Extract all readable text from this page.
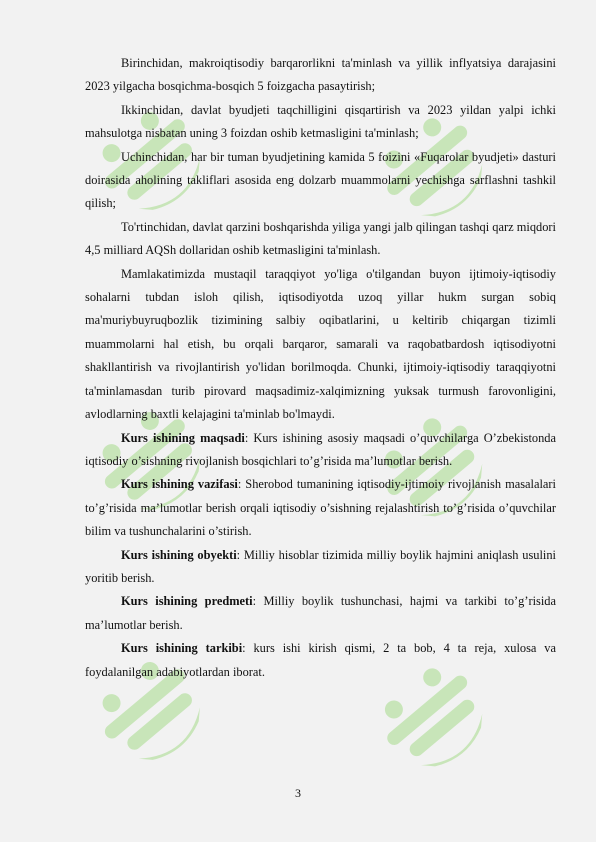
Birinchidan, makroiqtisodiy barqarorlikni ta'minlash va yillik inflyatsiya darajasini 2023 yilgacha bosqichma-bosqich 5 foizgacha pasaytirish;

Ikkinchidan, davlat byudjeti taqchilligini qisqartirish va 2023 yildan yalpi ichki mahsulotga nisbatan uning 3 foizdan oshib ketmasligini ta'minlash;

Uchinchidan, har bir tuman byudjetining kamida 5 foizini «Fuqarolar byudjeti» dasturi doirasida aholining takliflari asosida eng dolzarb muammolarni yechishga sarflashni tashkil qilish;

To'rtinchidan, davlat qarzini boshqarishda yiliga yangi jalb qilingan tashqi qarz miqdori 4,5 milliard AQSh dollaridan oshib ketmasligini ta'minlash.

Mamlakatimizda mustaqil taraqqiyot yo'liga o'tilgandan buyon ijtimoiy-iqtisodiy sohalarni tubdan isloh qilish, iqtisodiyotda uzoq yillar hukm surgan sobiq ma'muriybuyruqbozlik tizimining salbiy oqibatlarini, u keltirib chiqargan tizimli muammolarni hal etish, bu orqali barqaror, samarali va raqobatbardosh iqtisodiyotni shakllantirish va rivojlantirish yo'lidan borilmoqda. Chunki, ijtimoiy-iqtisodiy taraqqiyotni ta'minlamasdan turib pirovard maqsadimiz-xalqimizning yuksak turmush farovonligini, avlodlarning baxtli kelajagini ta'minlab bo'lmaydi.

Kurs ishining maqsadi: Kurs ishining asosiy maqsadi o’quvchilarga O’zbekistonda iqtisodiy o’sishning rivojlanish bosqichlari to’g’risida ma’lumotlar berish.

Kurs ishining vazifasi: Sherobod tumanining iqtisodiy-ijtimoiy rivojlanish masalalari to’g’risida ma’lumotlar berish orqali iqtisodiy o’sishning rejalashtirish to’g’risida o’quvchilar bilim va tushunchalarini o’stirish.

Kurs ishining obyekti: Milliy hisoblar tizimida milliy boylik hajmini aniqlash usulini yoritib berish.

Kurs ishining predmeti: Milliy boylik tushunchasi, hajmi va tarkibi to’g’risida ma’lumotlar berish.

Kurs ishining tarkibi: kurs ishi kirish qismi, 2 ta bob, 4 ta reja, xulosa va foydalanilgan adabiyotlardan iborat.

3
